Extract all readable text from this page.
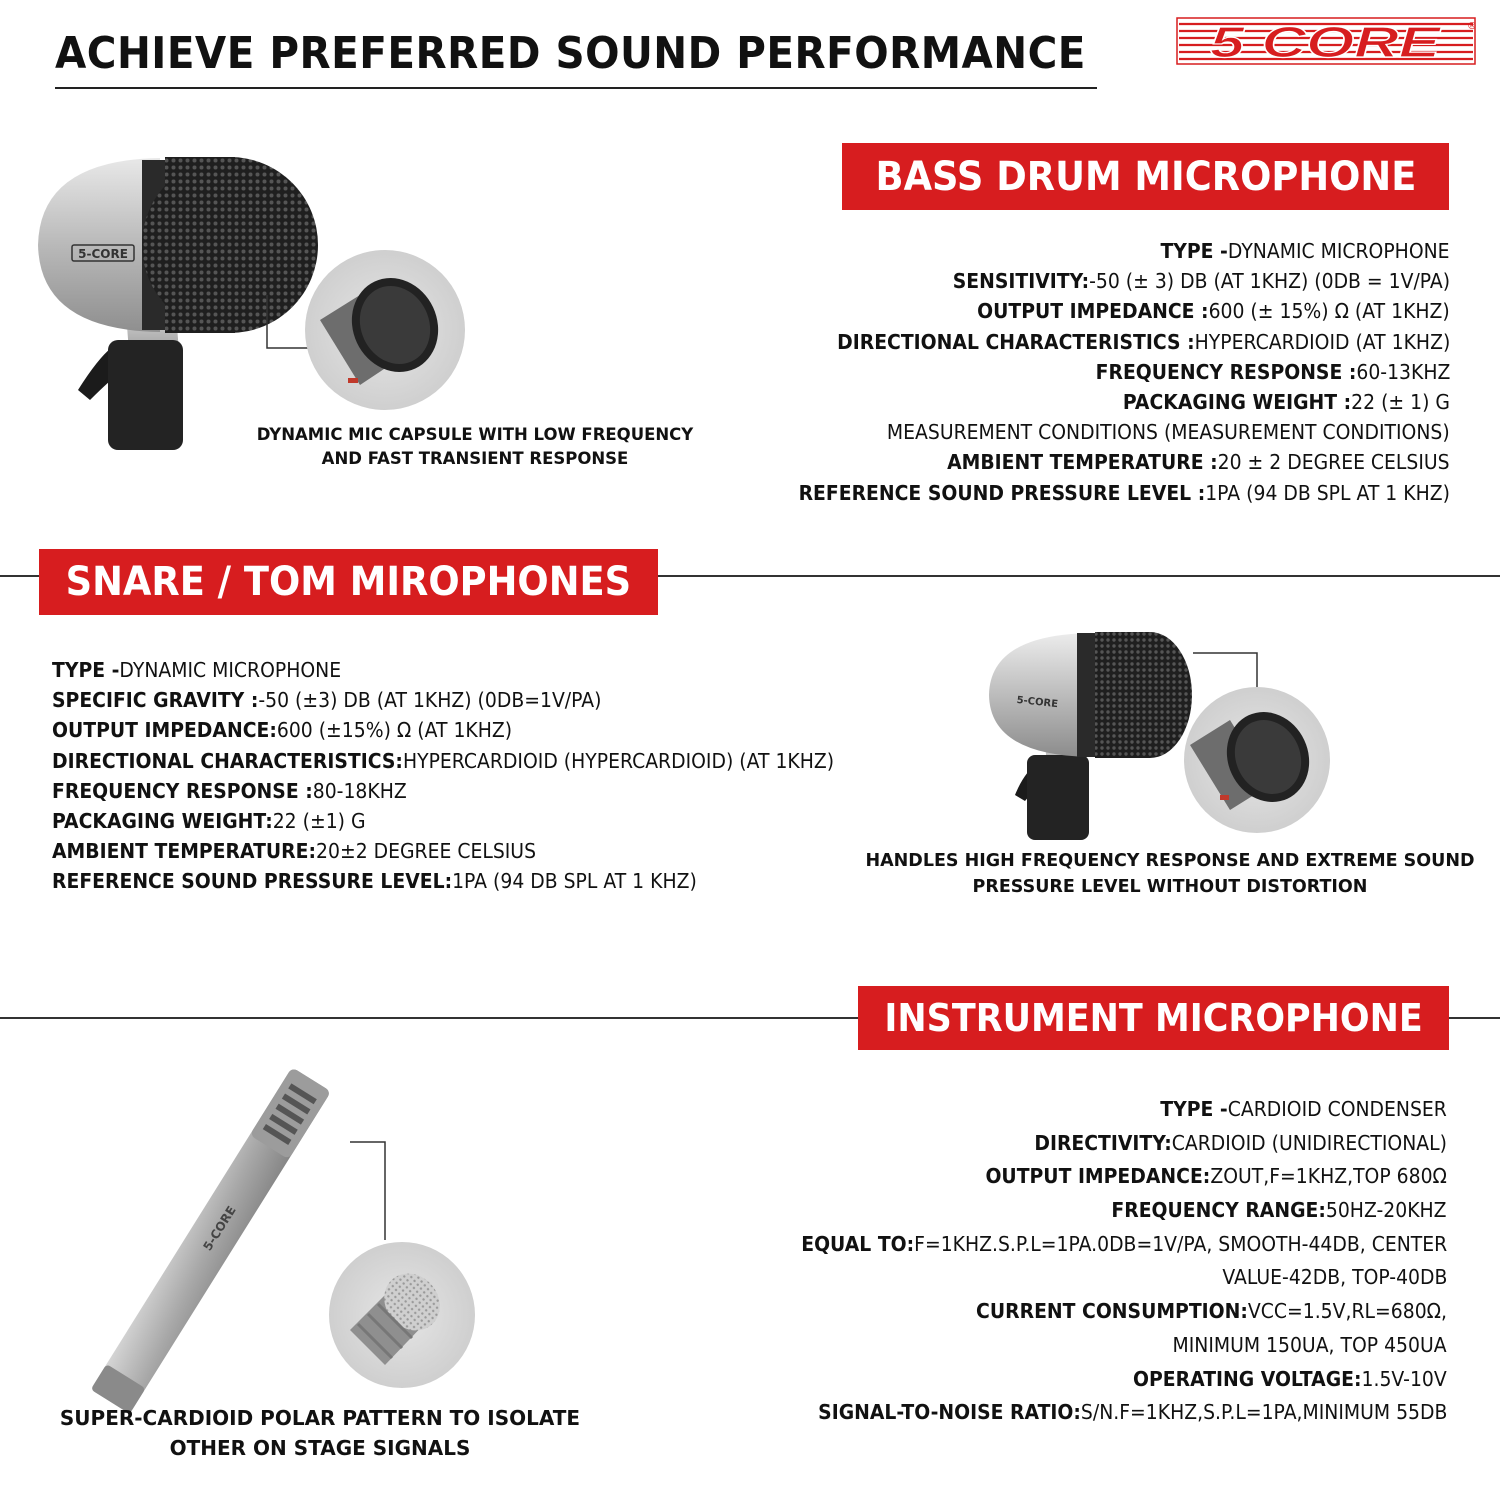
ACHIEVE PREFERRED SOUND PERFORMANCE	5 CORE ®
BASS DRUM MICROPHONE
5-CORE	TYPE -DYNAMIC MICROPHONE
SENSITIVITY:-50 (± 3) DB (AT 1KHZ) (0DB = 1V/PA)
OUTPUT IMPEDANCE :600 (± 15%) Ω (AT 1KHZ)
DIRECTIONAL CHARACTERISTICS :HYPERCARDIOID (AT 1KHZ)
FREQUENCY RESPONSE :60-13KHZ
PACKAGING WEIGHT :22 (± 1) G
MEASUREMENT CONDITIONS (MEASUREMENT CONDITIONS)
AMBIENT TEMPERATURE :20 ± 2 DEGREE CELSIUS
REFERENCE SOUND PRESSURE LEVEL :1PA (94 DB SPL AT 1 KHZ)
DYNAMIC MIC CAPSULE WITH LOW FREQUENCY
AND FAST TRANSIENT RESPONSE
SNARE / TOM MIROPHONES
TYPE -DYNAMIC MICROPHONE
SPECIFIC GRAVITY :-50 (±3) DB (AT 1KHZ) (0DB=1V/PA)
OUTPUT IMPEDANCE:600 (±15%) Ω (AT 1KHZ)
DIRECTIONAL CHARACTERISTICS:HYPERCARDIOID (HYPERCARDIOID) (AT 1KHZ)
FREQUENCY RESPONSE :80-18KHZ
PACKAGING WEIGHT:22 (±1) G
AMBIENT TEMPERATURE:20±2 DEGREE CELSIUS
REFERENCE SOUND PRESSURE LEVEL:1PA (94 DB SPL AT 1 KHZ)
5-CORE
HANDLES HIGH FREQUENCY RESPONSE AND EXTREME SOUND
PRESSURE LEVEL WITHOUT DISTORTION
INSTRUMENT MICROPHONE
5-CORE
TYPE -CARDIOID CONDENSER
DIRECTIVITY:CARDIOID (UNIDIRECTIONAL)
OUTPUT IMPEDANCE:ZOUT,F=1KHZ,TOP 680Ω
FREQUENCY RANGE:50HZ-20KHZ
EQUAL TO:F=1KHZ.S.P.L=1PA.0DB=1V/PA, SMOOTH-44DB, CENTER
VALUE-42DB, TOP-40DB
CURRENT CONSUMPTION:VCC=1.5V,RL=680Ω,
MINIMUM 150UA, TOP 450UA
OPERATING VOLTAGE:1.5V-10V
SIGNAL-TO-NOISE RATIO:S/N.F=1KHZ,S.P.L=1PA,MINIMUM 55DB
SUPER-CARDIOID POLAR PATTERN TO ISOLATE
OTHER ON STAGE SIGNALS
